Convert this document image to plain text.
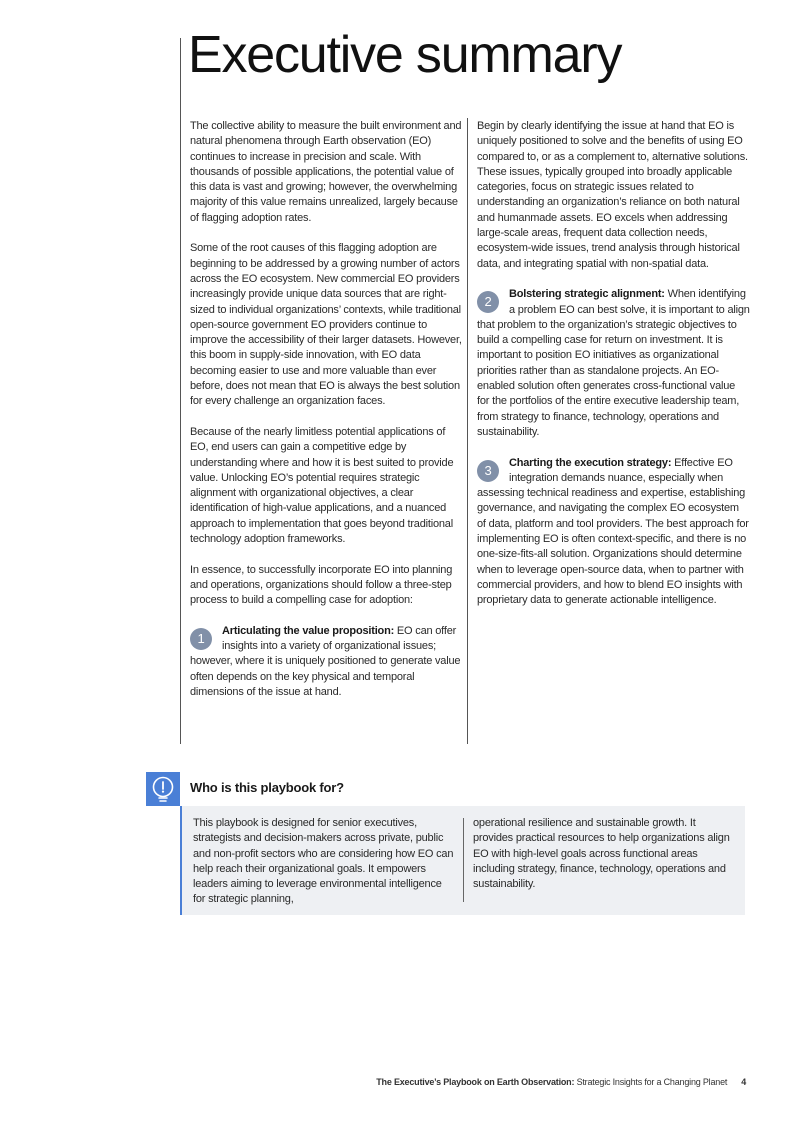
Executive summary

The collective ability to measure the built environment and natural phenomena through Earth observation (EO) continues to increase in precision and scale. With thousands of possible applications, the potential value of this data is vast and growing; however, the overwhelming majority of this value remains unrealized, largely because of flagging adoption rates.

Some of the root causes of this flagging adoption are beginning to be addressed by a growing number of actors across the EO ecosystem. New commercial EO providers increasingly provide unique data sources that are right-sized to individual organizations’ contexts, while traditional open-source government EO providers continue to improve the accessibility of their larger datasets. However, this boom in supply-side innovation, with EO data becoming easier to use and more valuable than ever before, does not mean that EO is always the best solution for every challenge an organization faces.

Because of the nearly limitless potential applications of EO, end users can gain a competitive edge by understanding where and how it is best suited to provide value. Unlocking EO’s potential requires strategic alignment with organizational objectives, a clear identification of high-value applications, and a nuanced approach to implementation that goes beyond traditional technology adoption frameworks.

In essence, to successfully incorporate EO into planning and operations, organizations should follow a three-step process to build a compelling case for adoption:

1	Articulating the value proposition: EO can offer insights into a variety of organizational issues; however, where it is uniquely positioned to generate value often depends on the key physical and temporal dimensions of the issue at hand.

Begin by clearly identifying the issue at hand that EO is uniquely positioned to solve and the benefits of using EO compared to, or as a complement to, alternative solutions. These issues, typically grouped into broadly applicable categories, focus on strategic issues related to understanding an organization’s reliance on both natural and humanmade assets. EO excels when addressing large-scale areas, frequent data collection needs, ecosystem-wide issues, trend analysis through historical data, and integrating spatial with non-spatial data.

2	Bolstering strategic alignment: When identifying a problem EO can best solve, it is important to align that problem to the organization’s strategic objectives to build a compelling case for return on investment. It is important to position EO initiatives as organizational priorities rather than as standalone projects. An EO-enabled solution often generates cross-functional value for the portfolios of the entire executive leadership team, from strategy to finance, technology, operations and sustainability.

Charting the execution strategy:
3	Effective EO integration demands nuance, especially when assessing technical readiness and expertise, establishing governance, and navigating the complex EO ecosystem of data, platform and tool providers. The best approach for implementing EO is often context-specific, and there is no one-size-fits-all solution. Organizations should determine when to leverage open-source data, when to partner with commercial providers, and how to blend EO insights with proprietary data to generate actionable intelligence.

Who is this playbook for?

This playbook is designed for senior executives, strategists and decision-makers across private, public and non-profit sectors who are considering how EO can help reach their organizational goals. It empowers leaders aiming to leverage environmental intelligence for strategic planning,

operational resilience and sustainable growth. It provides practical resources to help organizations align EO with high-level goals across functional areas including strategy, finance, technology, operations and sustainability.

The Executive’s Playbook on Earth Observation: Strategic Insights for a Changing Planet 4
